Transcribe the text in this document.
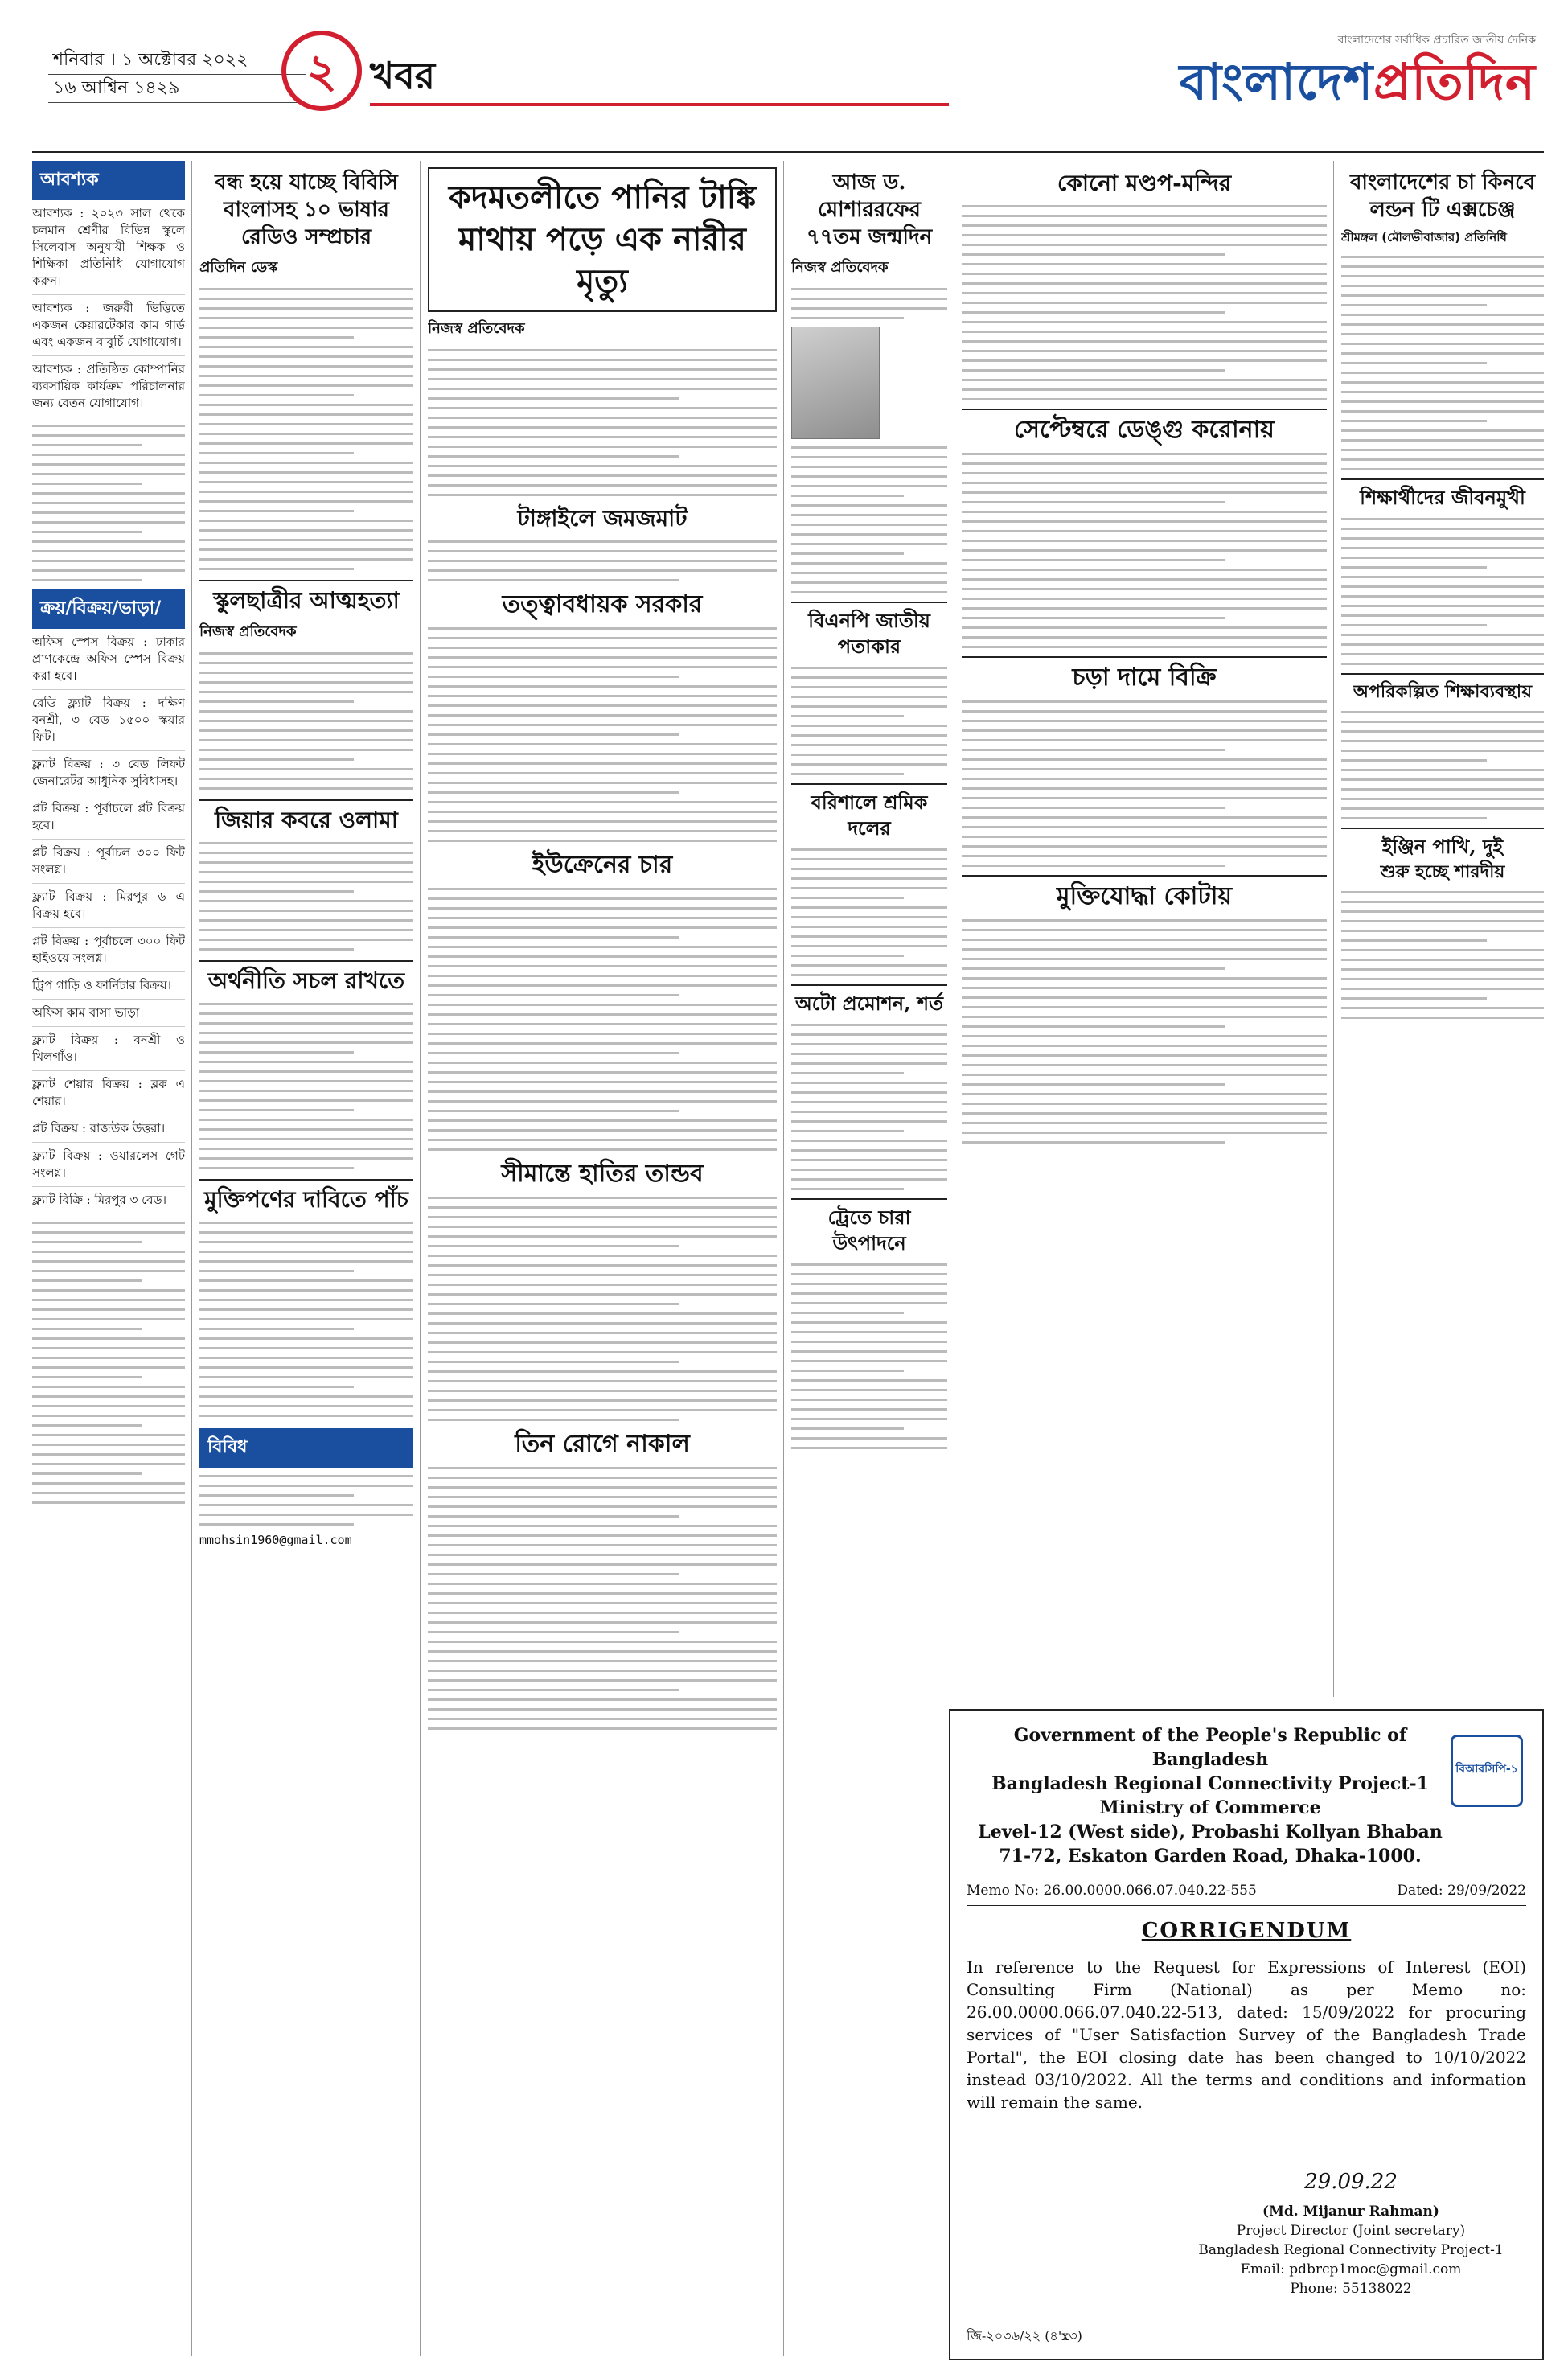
শনিবার । ১ অক্টোবর ২০২২
১৬ আশ্বিন ১৪২৯	২ খবর
বাংলাদেশের সর্বাধিক প্রচারিত জাতীয় দৈনিক
বাংলাদেশপ্রতিদিন
আবশ্যক
আবশ্যক : ২০২৩ সাল থেকে চলমান শ্রেণীর বিভিন্ন স্কুলে সিলেবাস অনুযায়ী শিক্ষক ও শিক্ষিকা প্রতিনিধি যোগাযোগ করুন।
আবশ্যক : জরুরী ভিত্তিতে একজন কেয়ারটেকার কাম গার্ড এবং একজন বাবুর্চি যোগাযোগ।
আবশ্যক : প্রতিষ্ঠিত কোম্পানির ব্যবসায়িক কার্যক্রম পরিচালনার জন্য বেতন যোগাযোগ।
ক্রয়/বিক্রয়/ভাড়া/
অফিস স্পেস বিক্রয় : ঢাকার প্রাণকেন্দ্রে অফিস স্পেস বিক্রয় করা হবে।
রেডি ফ্ল্যাট বিক্রয় : দক্ষিণ বনশ্রী, ৩ বেড ১৫০০ স্কয়ার ফিট।
ফ্ল্যাট বিক্রয় : ৩ বেড লিফট জেনারেটর আধুনিক সুবিধাসহ।
প্লট বিক্রয় : পূর্বাচলে প্লট বিক্রয় হবে।
প্লট বিক্রয় : পূর্বাচল ৩০০ ফিট সংলগ্ন।
ফ্ল্যাট বিক্রয় : মিরপুর ৬ এ বিক্রয় হবে।
প্লট বিক্রয় : পূর্বাচলে ৩০০ ফিট হাইওয়ে সংলগ্ন।
ট্রিপ গাড়ি ও ফার্নিচার বিক্রয়।
অফিস কাম বাসা ভাড়া।
ফ্ল্যাট বিক্রয় : বনশ্রী ও খিলগাঁও।
ফ্ল্যাট শেয়ার বিক্রয় : ব্লক এ শেয়ার।
প্লট বিক্রয় : রাজউক উত্তরা।
ফ্ল্যাট বিক্রয় : ওয়ারলেস গেট সংলগ্ন।
ফ্ল্যাট বিক্রি : মিরপুর ৩ বেড।
বন্ধ হয়ে যাচ্ছে বিবিসি বাংলাসহ ১০ ভাষার রেডিও সম্প্রচার
প্রতিদিন ডেস্ক
স্কুলছাত্রীর আত্মহত্যা
নিজস্ব প্রতিবেদক
জিয়ার কবরে ওলামা
অর্থনীতি সচল রাখতে
মুক্তিপণের দাবিতে পাঁচ
বিবিধ
mmohsin1960@gmail.com
কদমতলীতে পানির টাঙ্কি মাথায় পড়ে এক নারীর মৃত্যু
নিজস্ব প্রতিবেদক
টাঙ্গাইলে জমজমাট
তত্ত্বাবধায়ক সরকার
ইউক্রেনের চার
সীমান্তে হাতির তান্ডব
তিন রোগে নাকাল
আজ ড. মোশাররফের ৭৭তম জন্মদিন
নিজস্ব প্রতিবেদক
বিএনপি জাতীয় পতাকার
বরিশালে শ্রমিক দলের
অটো প্রমোশন, শর্ত
ট্রেতে চারা উৎপাদনে
কোনো মণ্ডপ-মন্দির
সেপ্টেম্বরে ডেঙ্গু করোনায়
চড়া দামে বিক্রি
মুক্তিযোদ্ধা কোটায়
বাংলাদেশের চা কিনবে লন্ডন টি এক্সচেঞ্জ
শ্রীমঙ্গল (মৌলভীবাজার) প্রতিনিধি
শিক্ষার্থীদের জীবনমুখী
অপরিকল্পিত শিক্ষাব্যবস্থায়
ইঞ্জিন পাখি, দুই
শুরু হচ্ছে শারদীয়
বিআরসিপি-১
Government of the People's Republic of Bangladesh
Bangladesh Regional Connectivity Project-1
Ministry of Commerce
Level-12 (West side), Probashi Kollyan Bhaban
71-72, Eskaton Garden Road, Dhaka-1000.
Memo No: 26.00.0000.066.07.040.22-555	Dated: 29/09/2022
CORRIGENDUM
In reference to the Request for Expressions of Interest (EOI) Consulting Firm (National) as per Memo no: 26.00.0000.066.07.040.22-513, dated: 15/09/2022 for procuring services of "User Satisfaction Survey of the Bangladesh Trade Portal", the EOI closing date has been changed to 10/10/2022 instead 03/10/2022. All the terms and conditions and information will remain the same.
29.09.22
(Md. Mijanur Rahman)
Project Director (Joint secretary)
Bangladesh Regional Connectivity Project-1
Email: pdbrcp1moc@gmail.com
Phone: 55138022
জি-২০৩৬/২২ (৪'x৩)
